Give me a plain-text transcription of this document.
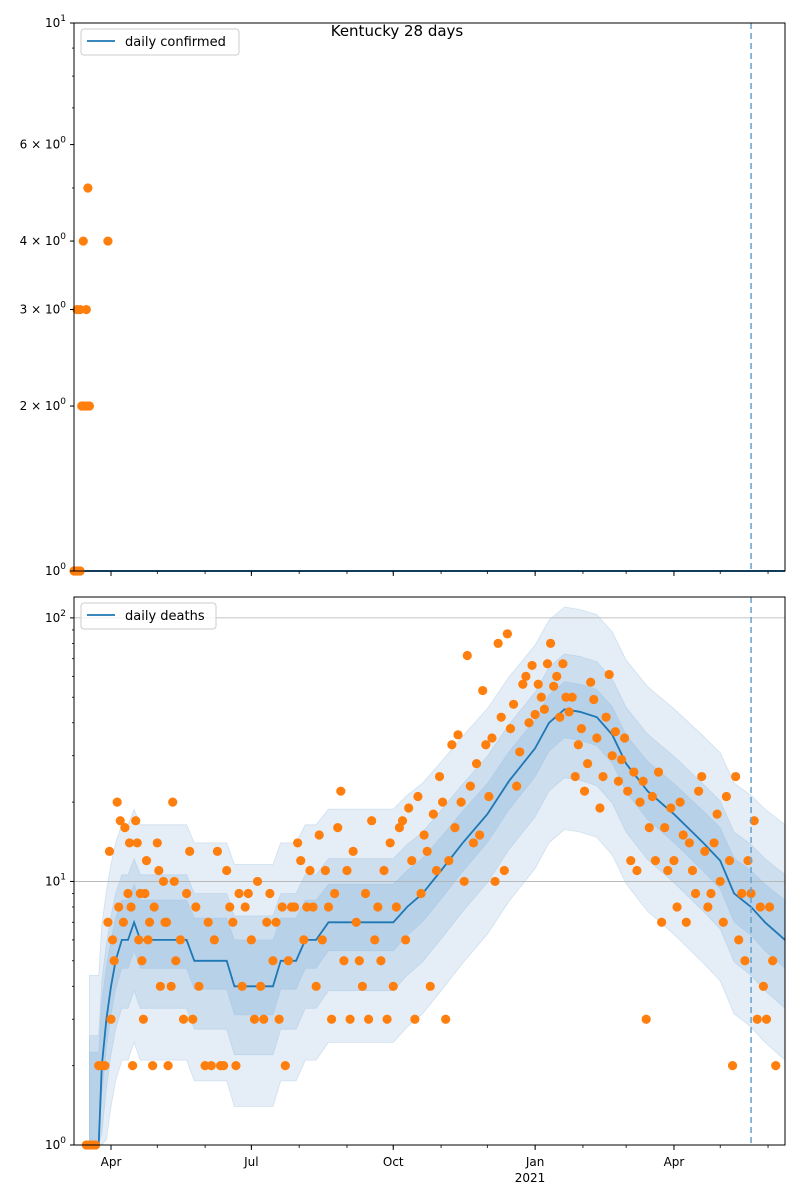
Kentucky 28 days
$10^1$
$6 \times 10^0$
$4 \times 10^0$
$3 \times 10^0$
$2 \times 10^0$
$10^0$
daily confirmed
$10^2$
$10^1$
$10^0$
Apr	Jul	Oct	Jan	Apr
2021
daily deaths
